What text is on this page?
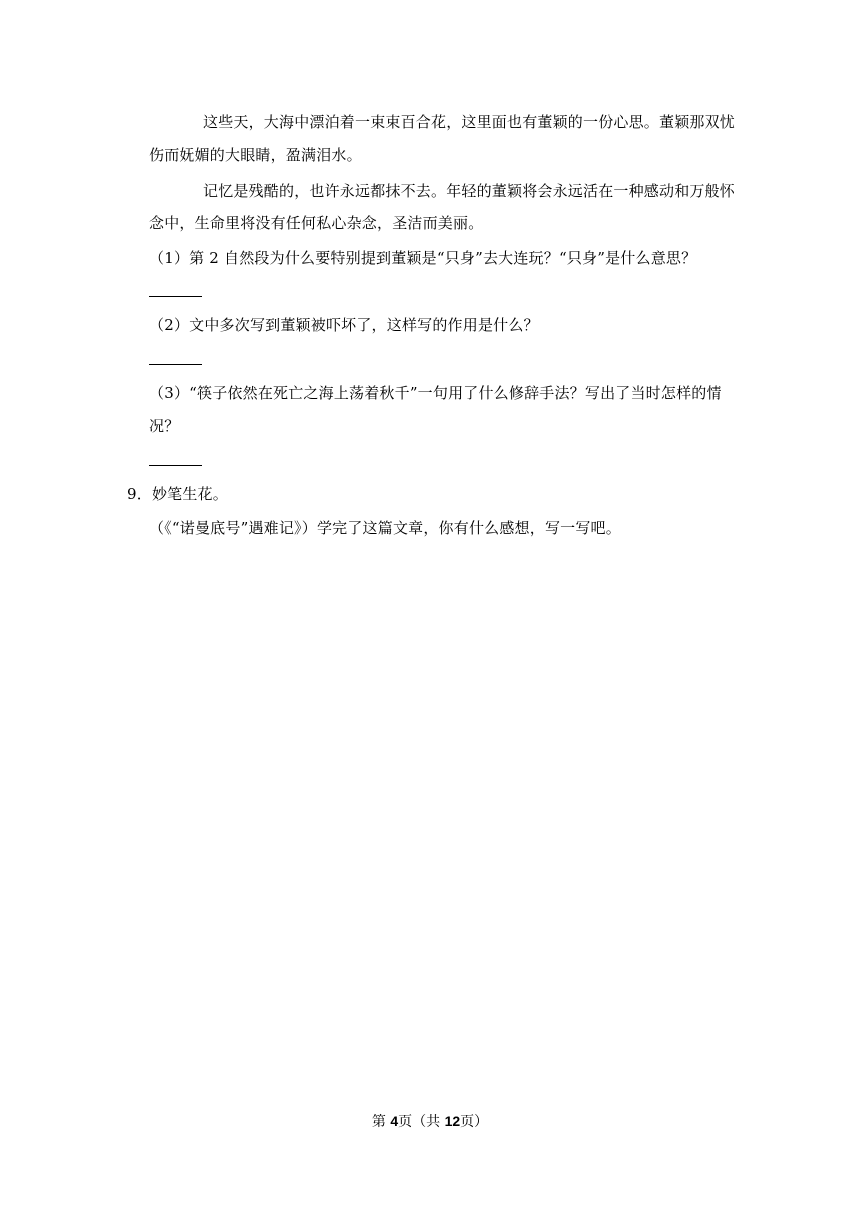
这些天，大海中漂泊着一束束百合花，这里面也有董颖的一份心思。董颖那双忧
伤而妩媚的大眼睛，盈满泪水。
记忆是残酷的，也许永远都抹不去。年轻的董颖将会永远活在一种感动和万般怀
念中，生命里将没有任何私心杂念，圣洁而美丽。
（1）第 2 自然段为什么要特别提到董颖是“只身”去大连玩？“只身”是什么意思？
（2）文中多次写到董颖被吓坏了，这样写的作用是什么？
（3）“筷子依然在死亡之海上荡着秋千”一句用了什么修辞手法？写出了当时怎样的情
况？
9．妙笔生花。
（《“诺曼底号”遇难记》）学完了这篇文章，你有什么感想，写一写吧。
第 4页（共 12页）
